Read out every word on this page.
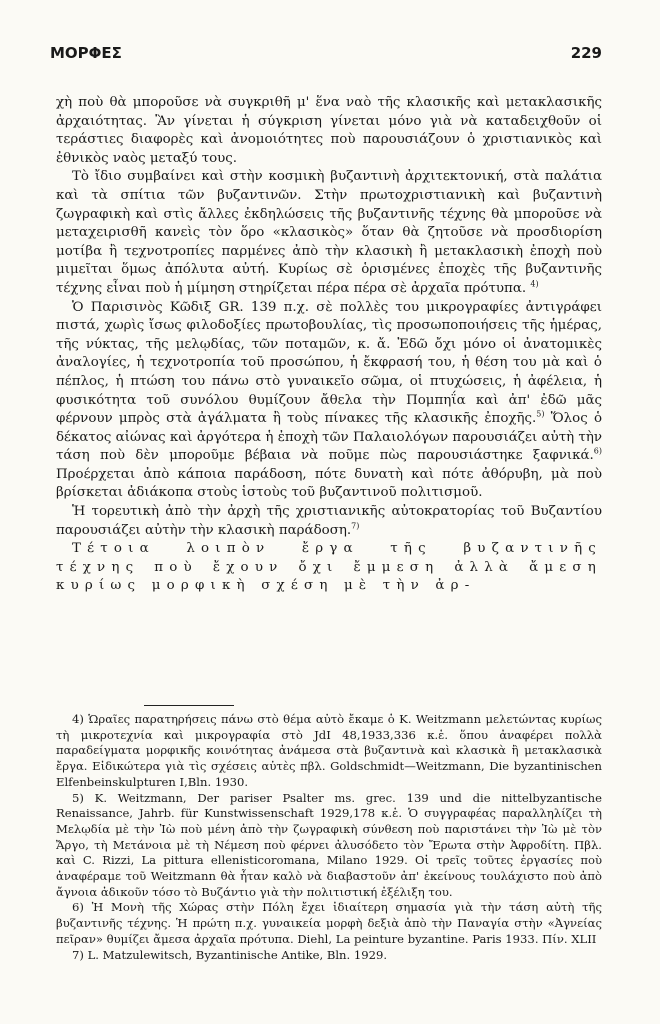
ΜΟΡΦΕΣ	229

χὴ ποὺ θὰ μποροῦσε νὰ συγκριθῆ μ' ἕνα ναὸ τῆς κλασικῆς καὶ μετακλασικῆς ἀρχαιότητας. Ἂν γίνεται ἡ σύγκριση γίνεται μόνο γιὰ νὰ καταδειχθοῦν οἱ τεράστιες διαφορὲς καὶ ἀνομοιότητες ποὺ παρουσιάζουν ὁ χριστιανικὸς καὶ ἐθνικὸς ναὸς μεταξύ τους.

Τὸ ἴδιο συμβαίνει καὶ στὴν κοσμικὴ βυζαντινὴ ἀρχιτεκτονική, στὰ παλάτια καὶ τὰ σπίτια τῶν βυζαντινῶν. Στὴν πρωτοχριστιανικὴ καὶ βυζαντινὴ ζωγραφικὴ καὶ στὶς ἄλλες ἐκδηλώσεις τῆς βυζαντινῆς τέχνης θὰ μποροῦσε νὰ μεταχειρισθῆ κανεὶς τὸν ὅρο «κλασικὸς» ὅταν θὰ ζητοῦσε νὰ προσδιορίση μοτίβα ἢ τεχνοτροπίες παρμένες ἀπὸ τὴν κλασικὴ ἢ μετακλασικὴ ἐποχὴ ποὺ μιμεῖται ὅμως ἀπόλυτα αὐτή. Κυρίως σὲ ὁρισμένες ἐποχὲς τῆς βυζαντινῆς τέχνης εἶναι ποὺ ἡ μίμηση στηρίζεται πέρα πέρα σὲ ἀρχαῖα πρότυπα. $^{4)}$

Ὁ Παρισινὸς Κῶδιξ GR. 139 π.χ. σὲ πολλὲς του μικρογραφίες ἀντιγράφει πιστά, χωρὶς ἴσως φιλοδοξίες πρωτοβουλίας, τὶς προσωποποιήσεις τῆς ἡμέρας, τῆς νύκτας, τῆς μελῳδίας, τῶν ποταμῶν, κ. ἄ. Ἐδῶ ὄχι μόνο οἱ ἀνατομικὲς ἀναλογίες, ἡ τεχνοτροπία τοῦ προσώπου, ἡ ἔκφρασή του, ἡ θέση του μὰ καὶ ὁ πέπλος, ἡ πτώση του πάνω στὸ γυναικεῖο σῶμα, οἱ πτυχώσεις, ἡ ἀφέλεια, ἡ φυσικότητα τοῦ συνόλου θυμίζουν ἄθελα τὴν Πομπηΐα καὶ ἀπ' ἐδῶ μᾶς φέρνουν μπρὸς στὰ ἀγάλματα ἢ τοὺς πίνακες τῆς κλασικῆς ἐποχῆς.$^{5)}$ Ὅλος ὁ δέκατος αἰώνας καὶ ἀργότερα ἡ ἐποχὴ τῶν Παλαιολόγων παρουσιάζει αὐτὴ τὴν τάση ποὺ δὲν μποροῦμε βέβαια νὰ ποῦμε πὼς παρουσιάστηκε ξαφνικά.$^{6)}$ Προέρχεται ἀπὸ κάποια παράδοση, πότε δυνατὴ καὶ πότε ἀθόρυβη, μὰ ποὺ βρίσκεται ἀδιάκοπα στοὺς ἱστοὺς τοῦ βυζαντινοῦ πολιτισμοῦ.

Ἡ τορευτικὴ ἀπὸ τὴν ἀρχὴ τῆς χριστιανικῆς αὐτοκρατορίας τοῦ Βυζαντίου παρουσιάζει αὐτὴν τὴν κλασικὴ παράδοση.$^{7)}$

Τέτοια λοιπὸν ἔργα τῆς βυζαντινῆς τέχνης ποὺ ἔχουν ὄχι ἔμμεση ἀλλὰ ἄμεση κυρίως μορφικὴ σχέση μὲ τὴν ἀρ-

4) Ὡραῖες παρατηρήσεις πάνω στὸ θέμα αὐτὸ ἔκαμε ὁ K. Weitzmann μελετώντας κυρίως τὴ μικροτεχνία καὶ μικρογραφία στὸ JdI 48,1933,336 κ.ἑ. ὅπου ἀναφέρει πολλὰ παραδείγματα μορφικῆς κοινότητας ἀνάμεσα στὰ βυζαντινὰ καὶ κλασικὰ ἢ μετακλασικὰ ἔργα. Εἰδικώτερα γιὰ τὶς σχέσεις αὐτὲς πβλ. Goldschmidt—Weitzmann, Die byzantinischen Elfenbeinskulpturen I,Bln. 1930.

5) K. Weitzmann, Der pariser Psalter ms. grec. 139 und die nittelbyzantische Renaissance, Jahrb. für Kunstwissenschaft 1929,178 κ.ἑ. Ὁ συγγραφέας παραλληλίζει τὴ Μελῳδία μὲ τὴν Ἰὼ ποὺ μένη ἀπὸ τὴν ζωγραφικὴ σύνθεση ποὺ παριστάνει τὴν Ἰὼ μὲ τὸν Ἄργο, τὴ Μετάνοια μὲ τὴ Νέμεση ποὺ φέρνει ἀλυσόδετο τὸν Ἔρωτα στὴν Ἀφροδίτη. Πβλ. καὶ C. Rizzi, La pittura ellenisticoromana, Milano 1929. Οἱ τρεῖς τοῦτες ἐργασίες ποὺ ἀναφέραμε τοῦ Weitzmann θὰ ἦταν καλὸ νὰ διαβαστοῦν ἀπ' ἐκείνους τουλάχιστο ποὺ ἀπὸ ἄγνοια ἀδικοῦν τόσο τὸ Βυζάντιο γιὰ τὴν πολιτιστική ἐξέλιξη του.

6) Ἡ Μονὴ τῆς Χώρας στὴν Πόλη ἔχει ἰδιαίτερη σημασία γιὰ τὴν τάση αὐτὴ τῆς βυζαντινῆς τέχνης. Ἡ πρώτη π.χ. γυναικεία μορφὴ δεξιὰ ἀπὸ τὴν Παναγία στὴν «Ἀγνείας πεῖραν» θυμίζει ἄμεσα ἀρχαῖα πρότυπα. Diehl, La peinture byzantine. Paris 1933. Πίν. XLII

7) L. Matzulewitsch, Byzantinische Antike, Bln. 1929.
